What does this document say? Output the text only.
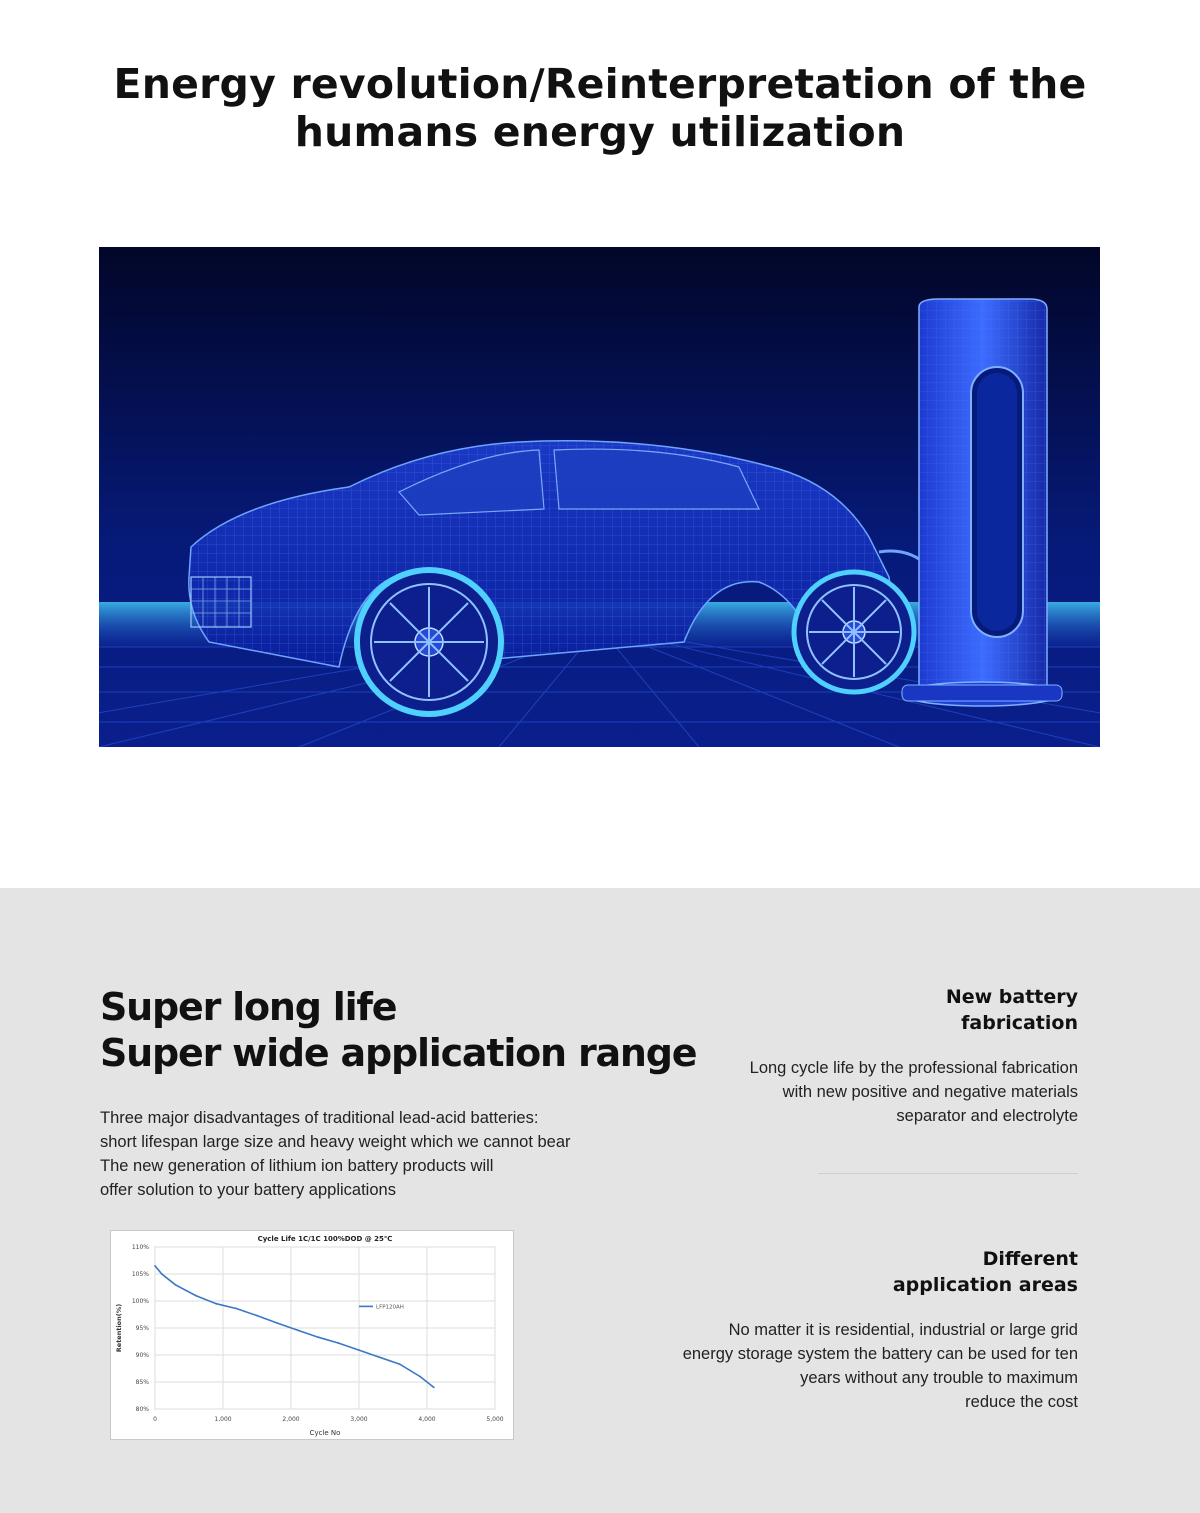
Energy revolution/Reinterpretation of the
humans energy utilization
Super long life
Super wide application range

Three major disadvantages of traditional lead-acid batteries:
short lifespan large size and heavy weight which we cannot bear
The new generation of lithium ion battery products will
offer solution to your battery applications

0	1,000	2,000	3,000	4,000	5,000
80%
85%
90%
95%
100%
105%
110%
Cycle Life 1C/1C 100%DOD @ 25℃
Cycle No
Retention(%)	LFP120AH
New battery
fabrication
Long cycle life by the professional fabrication
with new positive and negative materials
separator and electrolyte
Different
application areas
No matter it is residential, industrial or large grid
energy storage system the battery can be used for ten
years without any trouble to maximum
reduce the cost
